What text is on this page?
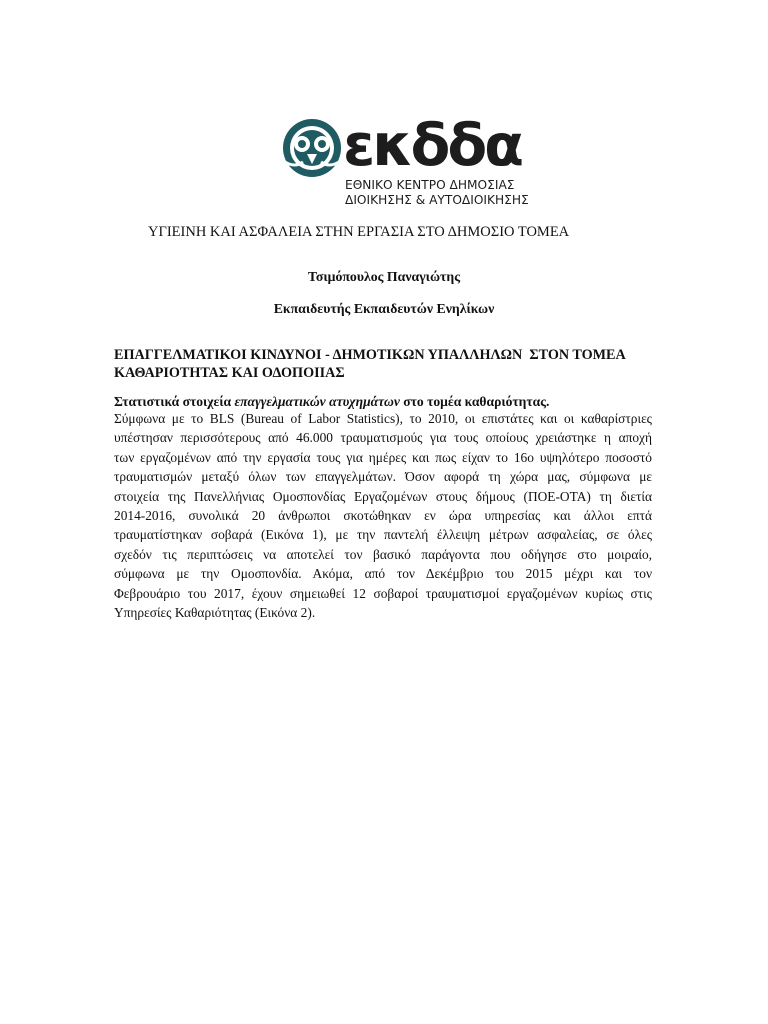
εκδδα
ΕΘΝΙΚΟ ΚΕΝΤΡΟ ΔΗΜΟΣΙΑΣ
ΔΙΟΙΚΗΣΗΣ & ΑΥΤΟΔΙΟΙΚΗΣΗΣ
ΥΓΙΕΙΝΗ ΚΑΙ ΑΣΦΑΛΕΙΑ ΣΤΗΝ ΕΡΓΑΣΙΑ ΣΤΟ ΔΗΜΟΣΙΟ ΤΟΜΕΑ
Τσιμόπουλος Παναγιώτης
Εκπαιδευτής Εκπαιδευτών Ενηλίκων
ΕΠΑΓΓΕΛΜΑΤΙΚΟΙ ΚΙΝΔΥΝΟΙ - ΔΗΜΟΤΙΚΩΝ ΥΠΑΛΛΗΛΩΝ  ΣΤΟΝ ΤΟΜΕΑ
ΚΑΘΑΡΙΟΤΗΤΑΣ ΚΑΙ ΟΔΟΠΟΙΙΑΣ
Στατιστικά στοιχεία επαγγελματικών ατυχημάτων στο τομέα καθαριότητας.
Σύμφωνα με το BLS (Bureau of Labor Statistics), το 2010, οι επιστάτες και οι καθαρίστριες
υπέστησαν περισσότερους από 46.000 τραυματισμούς για τους οποίους χρειάστηκε η αποχή
των εργαζομένων από την εργασία τους για ημέρες και πως είχαν το 16ο υψηλότερο ποσοστό
τραυματισμών μεταξύ όλων των επαγγελμάτων. Όσον αφορά τη χώρα μας, σύμφωνα με
στοιχεία της Πανελλήνιας Ομοσπονδίας Εργαζομένων στους δήμους (ΠΟΕ-ΟΤΑ) τη διετία
2014-2016, συνολικά 20 άνθρωποι σκοτώθηκαν εν ώρα υπηρεσίας και άλλοι επτά
τραυματίστηκαν σοβαρά (Εικόνα 1), με την παντελή έλλειψη μέτρων ασφαλείας, σε όλες
σχεδόν τις περιπτώσεις να αποτελεί τον βασικό παράγοντα που οδήγησε στο μοιραίο,
σύμφωνα με την Ομοσπονδία. Ακόμα, από τον Δεκέμβριο του 2015 μέχρι και τον
Φεβρουάριο του 2017, έχουν σημειωθεί 12 σοβαροί τραυματισμοί εργαζομένων κυρίως στις
Υπηρεσίες Καθαριότητας (Εικόνα 2).
